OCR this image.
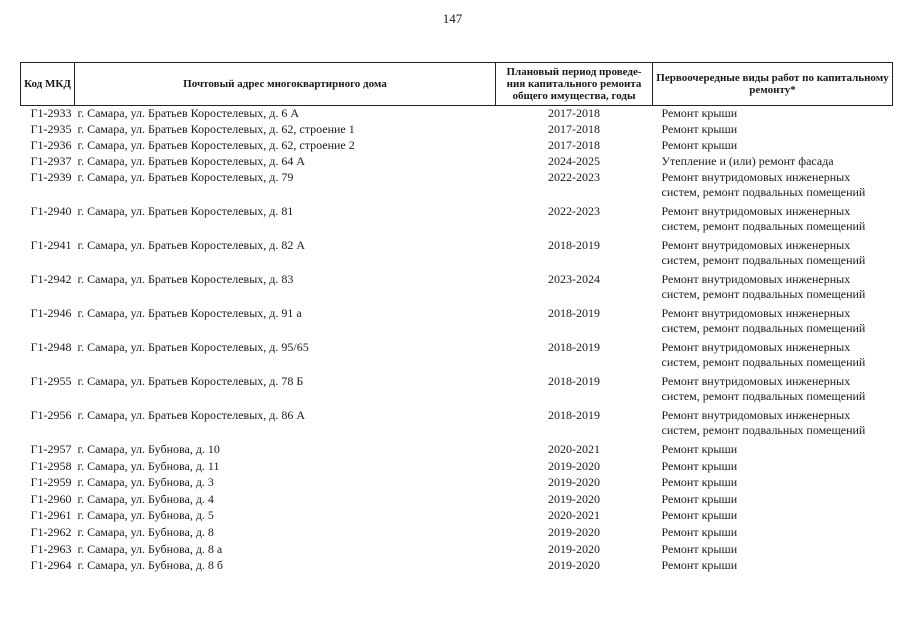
147
Код МКД	Почтовый адрес многоквартирного дома	Плановый период проведе-ния капитального ремонта общего имущества, годы	Первоочередные виды работ по капитальному ремонту*
Г1-2933	г. Самара, ул. Братьев Коростелевых, д. 6 А	2017-2018	Ремонт крыши
Г1-2935	г. Самара, ул. Братьев Коростелевых, д. 62, строение 1	2017-2018	Ремонт крыши
Г1-2936	г. Самара, ул. Братьев Коростелевых, д. 62, строение 2	2017-2018	Ремонт крыши
Г1-2937	г. Самара, ул. Братьев Коростелевых, д. 64 А	2024-2025	Утепление и (или) ремонт фасада
Г1-2939	г. Самара, ул. Братьев Коростелевых, д. 79	2022-2023	Ремонт внутридомовых инженерных систем, ремонт подвальных помещений
Г1-2940	г. Самара, ул. Братьев Коростелевых, д. 81	2022-2023	Ремонт внутридомовых инженерных систем, ремонт подвальных помещений
Г1-2941	г. Самара, ул. Братьев Коростелевых, д. 82 А	2018-2019	Ремонт внутридомовых инженерных систем, ремонт подвальных помещений
Г1-2942	г. Самара, ул. Братьев Коростелевых, д. 83	2023-2024	Ремонт внутридомовых инженерных систем, ремонт подвальных помещений
Г1-2946	г. Самара, ул. Братьев Коростелевых, д. 91 а	2018-2019	Ремонт внутридомовых инженерных систем, ремонт подвальных помещений
Г1-2948	г. Самара, ул. Братьев Коростелевых, д. 95/65	2018-2019	Ремонт внутридомовых инженерных систем, ремонт подвальных помещений
Г1-2955	г. Самара, ул. Братьев Коростелевых, д. 78 Б	2018-2019	Ремонт внутридомовых инженерных систем, ремонт подвальных помещений
Г1-2956	г. Самара, ул. Братьев Коростелевых, д. 86 А	2018-2019	Ремонт внутридомовых инженерных систем, ремонт подвальных помещений
Г1-2957	г. Самара, ул. Бубнова, д. 10	2020-2021	Ремонт крыши
Г1-2958	г. Самара, ул. Бубнова, д. 11	2019-2020	Ремонт крыши
Г1-2959	г. Самара, ул. Бубнова, д. 3	2019-2020	Ремонт крыши
Г1-2960	г. Самара, ул. Бубнова, д. 4	2019-2020	Ремонт крыши
Г1-2961	г. Самара, ул. Бубнова, д. 5	2020-2021	Ремонт крыши
Г1-2962	г. Самара, ул. Бубнова, д. 8	2019-2020	Ремонт крыши
Г1-2963	г. Самара, ул. Бубнова, д. 8 а	2019-2020	Ремонт крыши
Г1-2964	г. Самара, ул. Бубнова, д. 8 б	2019-2020	Ремонт крыши
